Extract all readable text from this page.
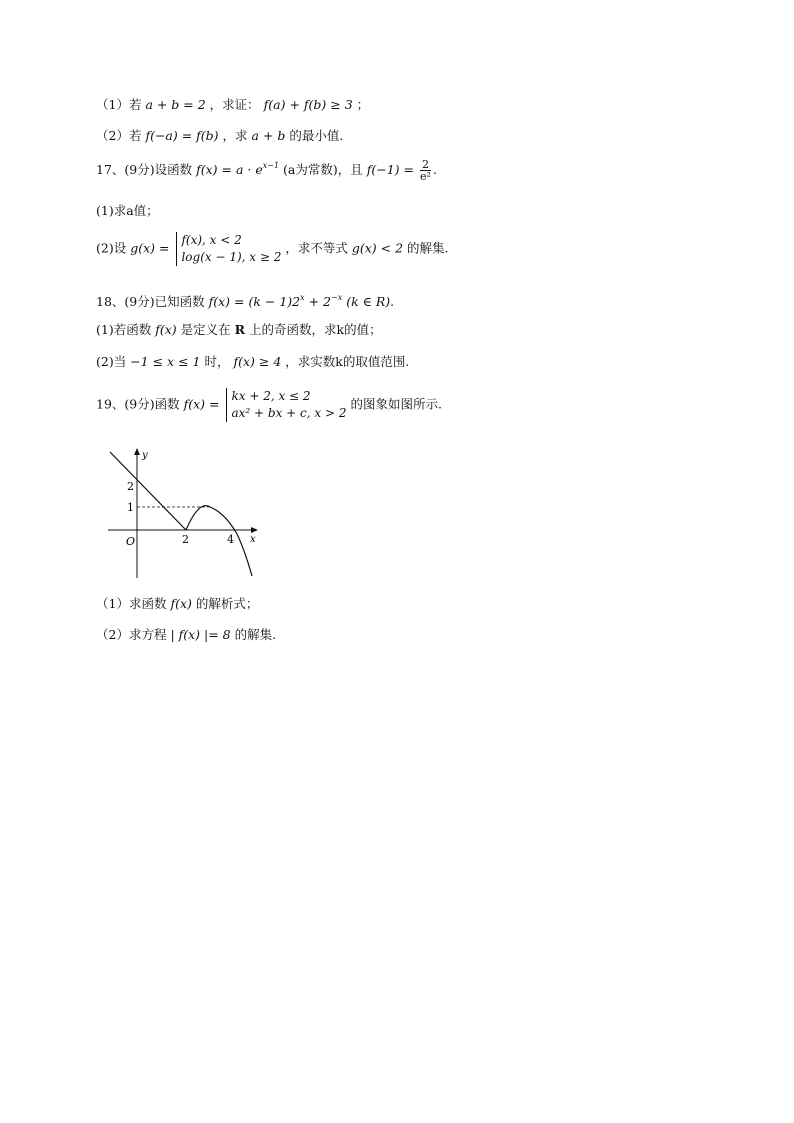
（1）若 a + b = 2 ，求证： f(a) + f(b) ≥ 3 ；
（2）若 f(−a) = f(b) ，求 a + b 的最小值.
17、(9分)设函数 $f(x) = a \cdot e^{x-1}$ (a为常数)，且 $f(-1) = \frac{2}{\text{e²}}$ .
(1)求a值；
(2)设 g(x) =
f(x), x < 2
log(x − 1), x ≥ 2
，求不等式 g(x) < 2 的解集.
18、(9分)已知函数 $f(x) = (k - 1)2^x + 2^{-x}$ (k ∈ R).
(1)若函数 f(x) 是定义在 R 上的奇函数，求k的值；
(2)当 −1 ≤ x ≤ 1 时， f(x) ≥ 4 ，求实数k的取值范围.
19、(9分)函数 f(x) =
kx + 2, x ≤ 2
ax² + bx + c, x > 2
的图象如图所示.
y
x
O
2
1
2	4
（1）求函数 f(x) 的解析式；
（2）求方程 | f(x) |= 8 的解集.
